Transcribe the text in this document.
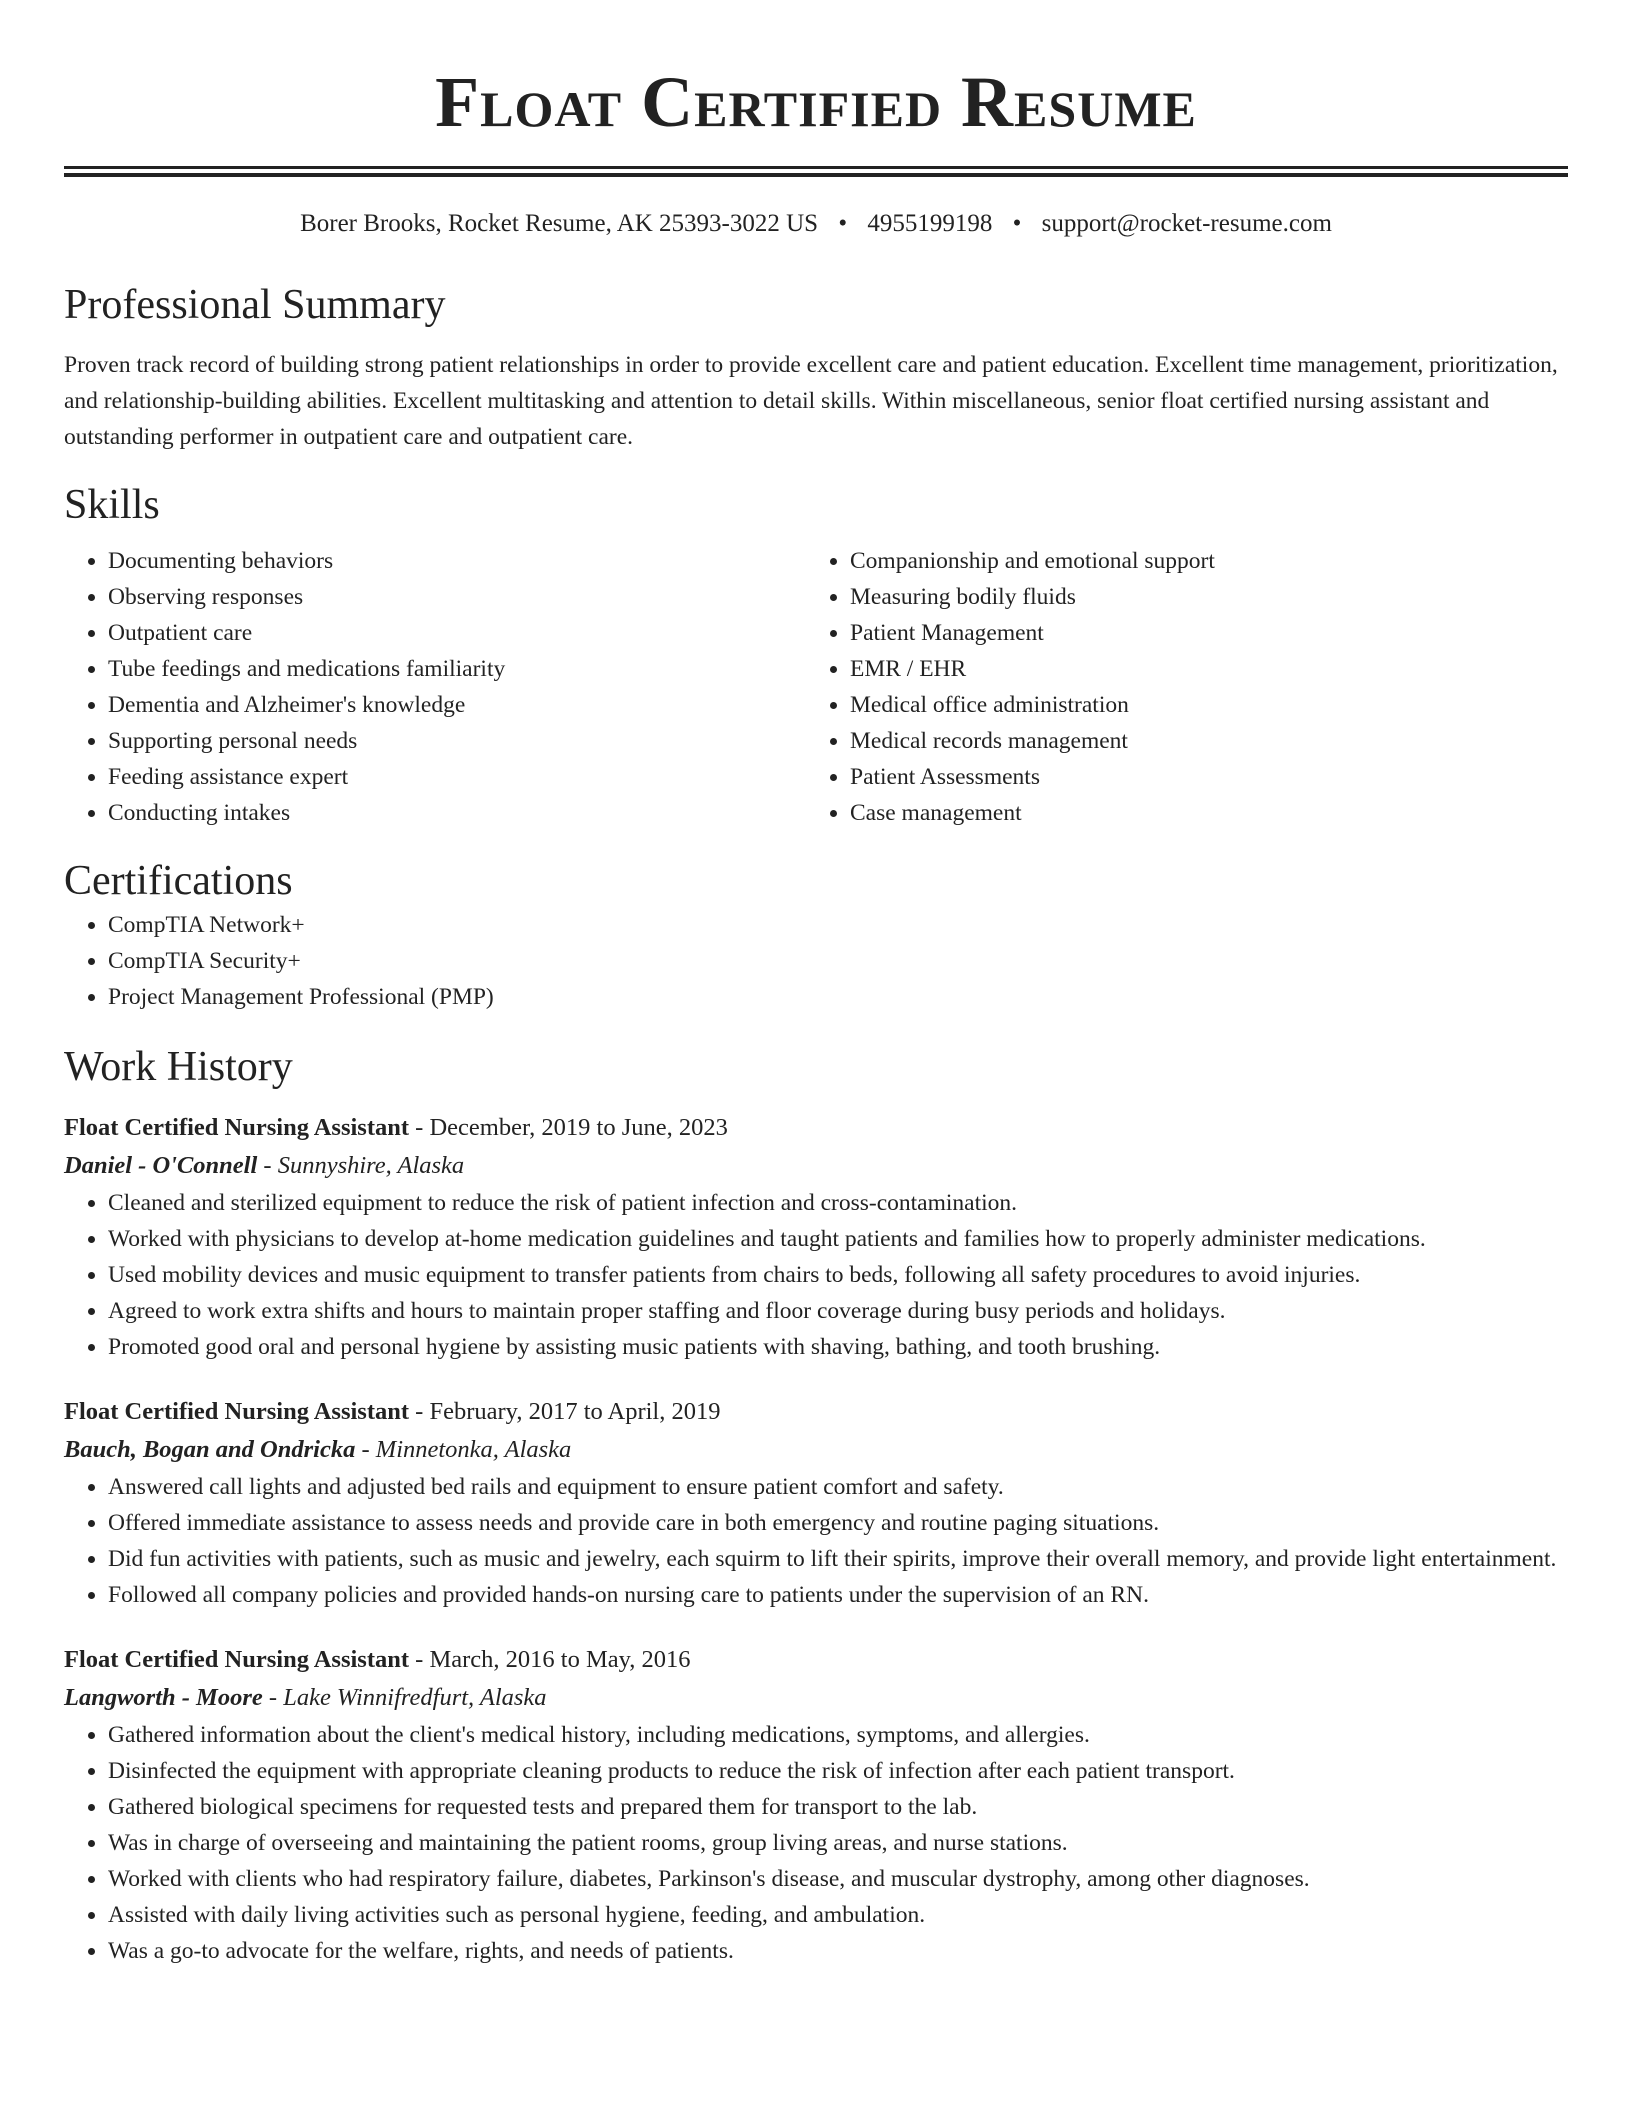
Float Certified Resume
Borer Brooks, Rocket Resume, AK 25393-3022 US • 4955199198 • support@rocket-resume.com
Professional Summary

Proven track record of building strong patient relationships in order to provide excellent care and patient education. Excellent time management, prioritization, and relationship-building abilities. Excellent multitasking and attention to detail skills. Within miscellaneous, senior float certified nursing assistant and outstanding performer in outpatient care and outpatient care.

Skills
• Documenting behaviors
• Observing responses
• Outpatient care
• Tube feedings and medications familiarity
• Dementia and Alzheimer's knowledge
• Supporting personal needs
• Feeding assistance expert
• Conducting intakes
• Companionship and emotional support
• Measuring bodily fluids
• Patient Management
• EMR / EHR
• Medical office administration
• Medical records management
• Patient Assessments
• Case management
Certifications
• CompTIA Network+
• CompTIA Security+
• Project Management Professional (PMP)
Work History
Float Certified Nursing Assistant - December, 2019 to June, 2023
Daniel - O'Connell - Sunnyshire, Alaska
• Cleaned and sterilized equipment to reduce the risk of patient infection and cross-contamination.
• Worked with physicians to develop at-home medication guidelines and taught patients and families how to properly administer medications.
• Used mobility devices and music equipment to transfer patients from chairs to beds, following all safety procedures to avoid injuries.
• Agreed to work extra shifts and hours to maintain proper staffing and floor coverage during busy periods and holidays.
• Promoted good oral and personal hygiene by assisting music patients with shaving, bathing, and tooth brushing.
Float Certified Nursing Assistant - February, 2017 to April, 2019
Bauch, Bogan and Ondricka - Minnetonka, Alaska
• Answered call lights and adjusted bed rails and equipment to ensure patient comfort and safety.
• Offered immediate assistance to assess needs and provide care in both emergency and routine paging situations.
• Did fun activities with patients, such as music and jewelry, each squirm to lift their spirits, improve their overall memory, and provide light entertainment.
• Followed all company policies and provided hands-on nursing care to patients under the supervision of an RN.
Float Certified Nursing Assistant - March, 2016 to May, 2016
Langworth - Moore - Lake Winnifredfurt, Alaska
• Gathered information about the client's medical history, including medications, symptoms, and allergies.
• Disinfected the equipment with appropriate cleaning products to reduce the risk of infection after each patient transport.
• Gathered biological specimens for requested tests and prepared them for transport to the lab.
• Was in charge of overseeing and maintaining the patient rooms, group living areas, and nurse stations.
• Worked with clients who had respiratory failure, diabetes, Parkinson's disease, and muscular dystrophy, among other diagnoses.
• Assisted with daily living activities such as personal hygiene, feeding, and ambulation.
• Was a go-to advocate for the welfare, rights, and needs of patients.
